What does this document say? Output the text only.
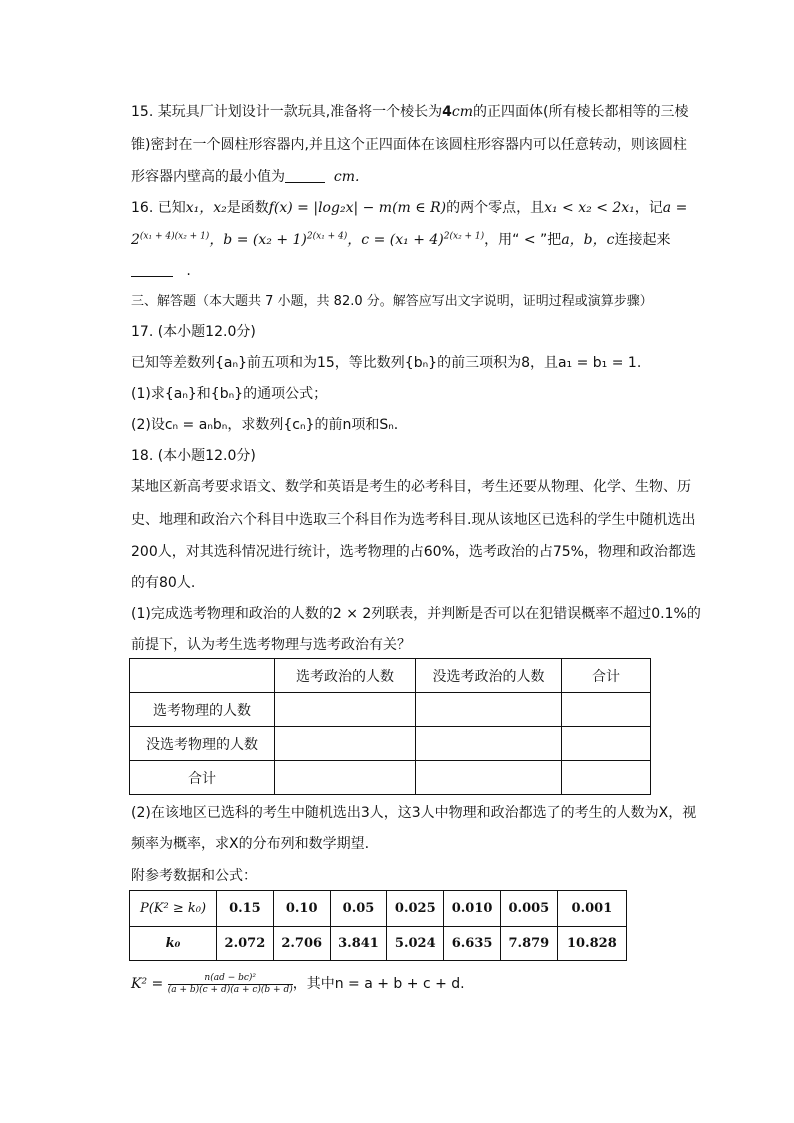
15. 某玩具厂计划设计一款玩具,准备将一个棱长为4cm的正四面体(所有棱长都相等的三棱
锥)密封在一个圆柱形容器内,并且这个正四面体在该圆柱形容器内可以任意转动，则该圆柱
形容器内壁高的最小值为	cm.
16. 已知x₁，x₂是函数f(x) = |log₂x| − m(m ∈ R)的两个零点，且x₁ < x₂ < 2x₁，记a =
$2^{(x_1 + 4)(x_2 + 1)}$，$b = (x_2 + 1)^{2(x_1 + 4)}$，$c = (x_1 + 4)^{2(x_2 + 1)}$，用“ < ”把a，b，c连接起来
.
三、解答题（本大题共 7 小题，共 82.0 分。解答应写出文字说明，证明过程或演算步骤）
17. (本小题12.0分)
已知等差数列{aₙ}前五项和为15，等比数列{bₙ}的前三项积为8，且a₁ = b₁ = 1.
(1)求{aₙ}和{bₙ}的通项公式；
(2)设cₙ = aₙbₙ，求数列{cₙ}的前n项和Sₙ.
18. (本小题12.0分)
某地区新高考要求语文、数学和英语是考生的必考科目，考生还要从物理、化学、生物、历
史、地理和政治六个科目中选取三个科目作为选考科目.现从该地区已选科的学生中随机选出
200人，对其选科情况进行统计，选考物理的占60%，选考政治的占75%，物理和政治都选
的有80人.
(1)完成选考物理和政治的人数的2 × 2列联表，并判断是否可以在犯错误概率不超过0.1%的
前提下，认为考生选考物理与选考政治有关？
	选考政治的人数	没选考政治的人数	合计
选考物理的人数			
没选考物理的人数			
合计			
(2)在该地区已选科的考生中随机选出3人，这3人中物理和政治都选了的考生的人数为X，视
频率为概率，求X的分布列和数学期望.
附参考数据和公式：
P(K² ≥ k₀)	0.15	0.10	0.05	0.025	0.010	0.005	0.001
k₀	2.072	2.706	3.841	5.024	6.635	7.879	10.828
$K^2 = \frac{\text{n(ad − bc)²}}{(a + b)(c + d)(a + c)(b + d)}$ ，其中n = a + b + c + d.
